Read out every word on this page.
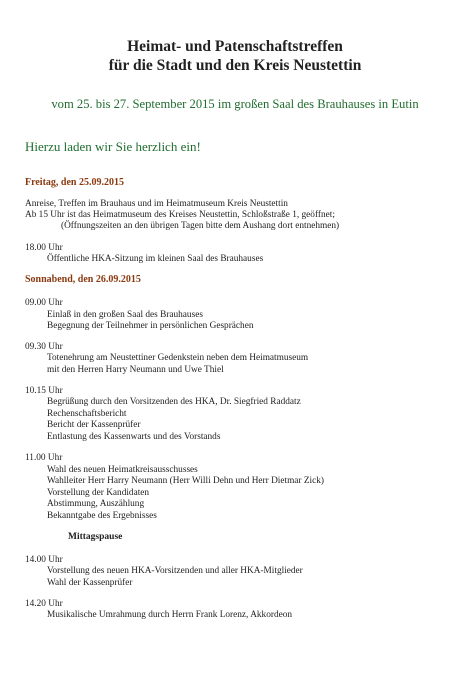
Heimat- und Patenschaftstreffen
für die Stadt und den Kreis Neustettin
vom 25. bis 27. September 2015 im großen Saal des Brauhauses in Eutin
Hierzu laden wir Sie herzlich ein!
Freitag, den 25.09.2015
Anreise, Treffen im Brauhaus und im Heimatmuseum Kreis Neustettin
Ab 15 Uhr ist das Heimatmuseum des Kreises Neustettin, Schloßstraße 1, geöffnet;
(Öffnungszeiten an den übrigen Tagen bitte dem Aushang dort entnehmen)
18.00 Uhr
Öffentliche HKA-Sitzung im kleinen Saal des Brauhauses
Sonnabend, den 26.09.2015
09.00 Uhr
Einlaß in den großen Saal des Brauhauses
Begegnung der Teilnehmer in persönlichen Gesprächen
09.30 Uhr
Totenehrung am Neustettiner Gedenkstein neben dem Heimatmuseum
mit den Herren Harry Neumann und Uwe Thiel
10.15 Uhr
Begrüßung durch den Vorsitzenden des HKA, Dr. Siegfried Raddatz
Rechenschaftsbericht
Bericht der Kassenprüfer
Entlastung des Kassenwarts und des Vorstands
11.00 Uhr
Wahl des neuen Heimatkreisausschusses
Wahlleiter Herr Harry Neumann (Herr Willi Dehn und Herr Dietmar Zick)
Vorstellung der Kandidaten
Abstimmung, Auszählung
Bekanntgabe des Ergebnisses
Mittagspause
14.00 Uhr
Vorstellung des neuen HKA-Vorsitzenden und aller HKA-Mitglieder
Wahl der Kassenprüfer
14.20 Uhr
Musikalische Umrahmung durch Herrn Frank Lorenz, Akkordeon
